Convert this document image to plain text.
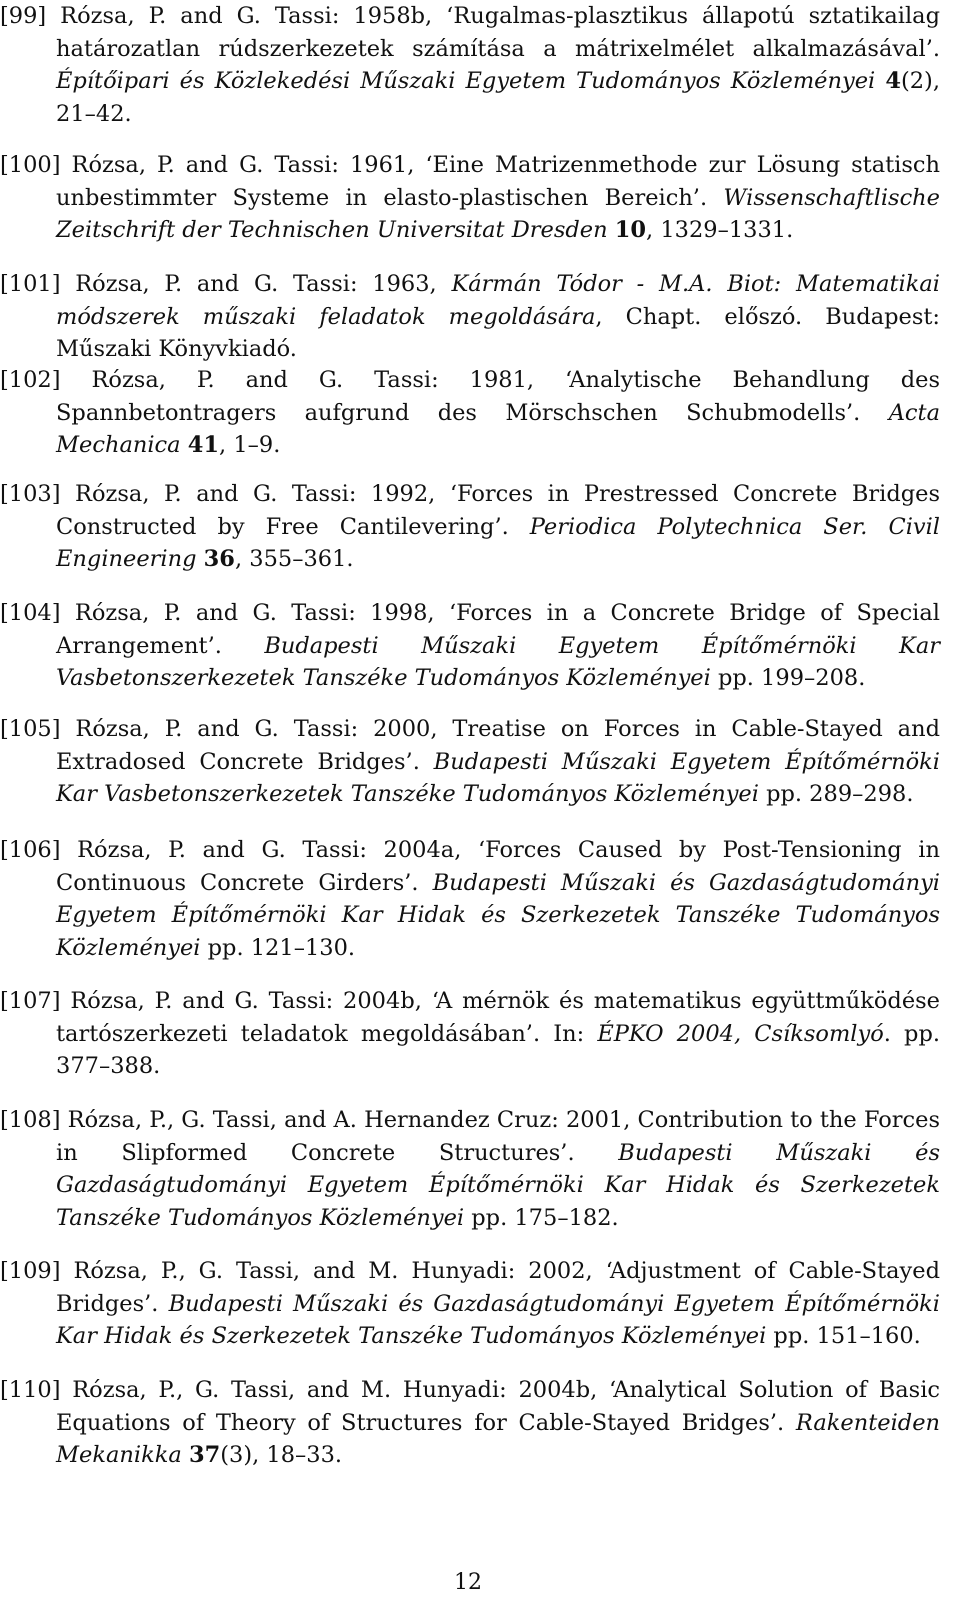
[99] Rózsa, P. and G. Tassi: 1958b, ‘Rugalmas-plasztikus állapotú sztatikailag határozatlan rúdszerkezetek számítása a mátrixelmélet alkalmazásával’. Építőipari és Közlekedési Műszaki Egyetem Tudományos Közleményei 4(2), 21–42.
[100] Rózsa, P. and G. Tassi: 1961, ‘Eine Matrizenmethode zur Lösung statisch unbestimmter Systeme in elasto-plastischen Bereich’. Wissenschaftlische Zeitschrift der Technischen Universitat Dresden 10, 1329–1331.
[101] Rózsa, P. and G. Tassi: 1963, Kármán Tódor - M.A. Biot: Matematikai módszerek műszaki feladatok megoldására, Chapt. előszó. Budapest: Műszaki Könyvkiadó.
[102] Rózsa, P. and G. Tassi: 1981, ‘Analytische Behandlung des Spannbetontragers aufgrund des Mörschschen Schubmodells’. Acta Mechanica 41, 1–9.
[103] Rózsa, P. and G. Tassi: 1992, ‘Forces in Prestressed Concrete Bridges Constructed by Free Cantilevering’. Periodica Polytechnica Ser. Civil Engineering 36, 355–361.
[104] Rózsa, P. and G. Tassi: 1998, ‘Forces in a Concrete Bridge of Special Arrangement’. Budapesti Műszaki Egyetem Építőmérnöki Kar Vasbetonszerkezetek Tanszéke Tudományos Közleményei pp. 199–208.
[105] Rózsa, P. and G. Tassi: 2000, Treatise on Forces in Cable-Stayed and Extradosed Concrete Bridges’. Budapesti Műszaki Egyetem Építőmérnöki Kar Vasbetonszerkezetek Tanszéke Tudományos Közleményei pp. 289–298.
[106] Rózsa, P. and G. Tassi: 2004a, ‘Forces Caused by Post-Tensioning in Continuous Concrete Girders’. Budapesti Műszaki és Gazdaságtudományi Egyetem Építőmérnöki Kar Hidak és Szerkezetek Tanszéke Tudományos Közleményei pp. 121–130.
[107] Rózsa, P. and G. Tassi: 2004b, ‘A mérnök és matematikus együttműködése tartószerkezeti teladatok megoldásában’. In: ÉPKO 2004, Csíksomlyó. pp. 377–388.
[108] Rózsa, P., G. Tassi, and A. Hernandez Cruz: 2001, Contribution to the Forces in Slipformed Concrete Structures’. Budapesti Műszaki és Gazdaságtudományi Egyetem Építőmérnöki Kar Hidak és Szerkezetek Tanszéke Tudományos Közleményei pp. 175–182.
[109] Rózsa, P., G. Tassi, and M. Hunyadi: 2002, ‘Adjustment of Cable-Stayed Bridges’. Budapesti Műszaki és Gazdaságtudományi Egyetem Építőmérnöki Kar Hidak és Szerkezetek Tanszéke Tudományos Közleményei pp. 151–160.
[110] Rózsa, P., G. Tassi, and M. Hunyadi: 2004b, ‘Analytical Solution of Basic Equations of Theory of Structures for Cable-Stayed Bridges’. Rakenteiden Mekanikka 37(3), 18–33.
12
